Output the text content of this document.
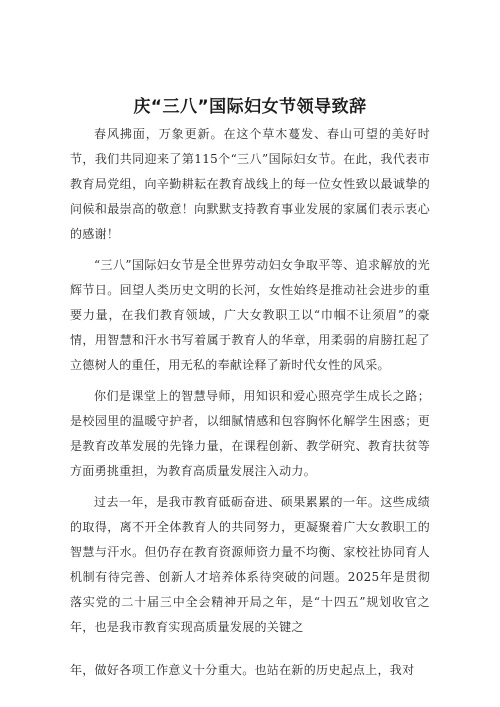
庆“三八”国际妇女节领导致辞

春风拂面，万象更新。在这个草木蔓发、春山可望的美好时节，我们共同迎来了第115个“三八”国际妇女节。在此，我代表市教育局党组，向辛勤耕耘在教育战线上的每一位女性致以最诚挚的问候和最崇高的敬意！向默默支持教育事业发展的家属们表示衷心的感谢！

“三八”国际妇女节是全世界劳动妇女争取平等、追求解放的光辉节日。回望人类历史文明的长河，女性始终是推动社会进步的重要力量，在我们教育领域，广大女教职工以“巾帼不让须眉”的豪情，用智慧和汗水书写着属于教育人的华章，用柔弱的肩膀扛起了立德树人的重任，用无私的奉献诠释了新时代女性的风采。

你们是课堂上的智慧导师，用知识和爱心照亮学生成长之路；是校园里的温暖守护者，以细腻情感和包容胸怀化解学生困惑；更是教育改革发展的先锋力量，在课程创新、教学研究、教育扶贫等方面勇挑重担，为教育高质量发展注入动力。

过去一年，是我市教育砥砺奋进、硕果累累的一年。这些成绩的取得，离不开全体教育人的共同努力，更凝聚着广大女教职工的智慧与汗水。但仍存在教育资源师资力量不均衡、家校社协同育人机制有待完善、创新人才培养体系待突破的问题。2025年是贯彻落实党的二十届三中全会精神开局之年，是“十四五”规划收官之年，也是我市教育实现高质量发展的关键之

年，做好各项工作意义十分重大。也站在新的历史起点上，我对
